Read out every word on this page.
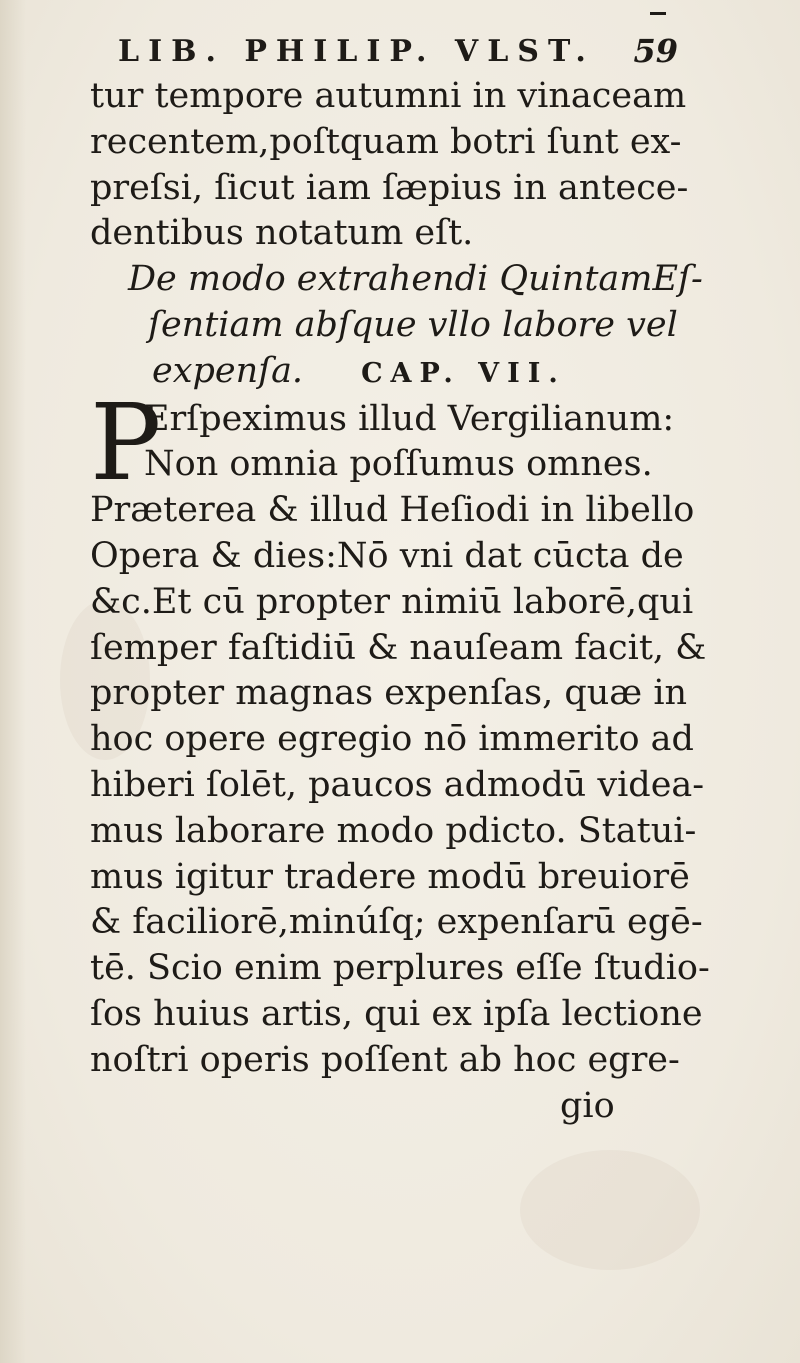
LIB. PHILIP. VLST. 59
tur tempore autumni in vinaceam
recentem,poſtquam botri ſunt ex-
preſsi, ſicut iam ſæpius in antece-
dentibus notatum eſt.
De modo extrahendi QuintamEſ-
ſentiam abſque vllo labore vel
expenſa. CAP. VII.
P
Erſpeximus illud Vergilianum:
Non omnia poſſumus omnes.
Præterea & illud Heſiodi in libello
Opera & dies:Nō vni dat cūcta de
&c.Et cū propter nimiū laborē,qui
ſemper faſtidiū & nauſeam facit, &
propter magnas expenſas, quæ in
hoc opere egregio nō immerito ad
hiberi ſolēt, paucos admodū videa-
mus laborare modo pdicto. Statui-
mus igitur tradere modū breuiorē
& faciliorē,minúſq; expenſarū egē-
tē. Scio enim perplures eſſe ſtudio-
ſos huius artis, qui ex ipſa lectione
noſtri operis poſſent ab hoc egre-
gio
